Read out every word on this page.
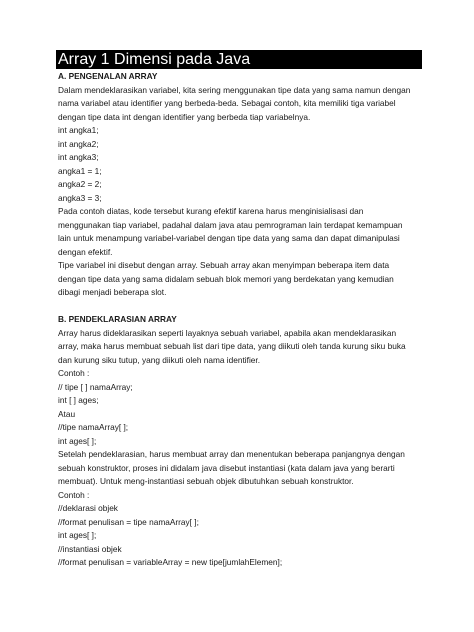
Array 1 Dimensi pada Java
A. PENGENALAN ARRAY
Dalam mendeklarasikan variabel, kita sering menggunakan tipe data yang sama namun dengan
nama variabel atau identifier yang berbeda-beda. Sebagai contoh, kita memiliki tiga variabel
dengan tipe data int dengan identifier yang berbeda tiap variabelnya.
int angka1;
int angka2;
int angka3;
angka1 = 1;
angka2 = 2;
angka3 = 3;
Pada contoh diatas, kode tersebut kurang efektif karena harus menginisialisasi dan
menggunakan tiap variabel, padahal dalam java atau pemrograman lain terdapat kemampuan
lain untuk menampung variabel-variabel dengan tipe data yang sama dan dapat dimanipulasi
dengan efektif.
Tipe variabel ini disebut dengan array. Sebuah array akan menyimpan beberapa item data
dengan tipe data yang sama didalam sebuah blok memori yang berdekatan yang kemudian
dibagi menjadi beberapa slot.
B. PENDEKLARASIAN ARRAY
Array harus dideklarasikan seperti layaknya sebuah variabel, apabila akan mendeklarasikan
array, maka harus membuat sebuah list dari tipe data, yang diikuti oleh tanda kurung siku buka
dan kurung siku tutup, yang diikuti oleh nama identifier.
Contoh :
// tipe [ ] namaArray;
int [ ] ages;
Atau
//tipe namaArray[ ];
int ages[ ];
Setelah pendeklarasian, harus membuat array dan menentukan beberapa panjangnya dengan
sebuah konstruktor, proses ini didalam java disebut instantiasi (kata dalam java yang berarti
membuat). Untuk meng-instantiasi sebuah objek dibutuhkan sebuah konstruktor.
Contoh :
//deklarasi objek
//format penulisan = tipe namaArray[ ];
int ages[ ];
//instantiasi objek
//format penulisan = variableArray = new tipe[jumlahElemen];
